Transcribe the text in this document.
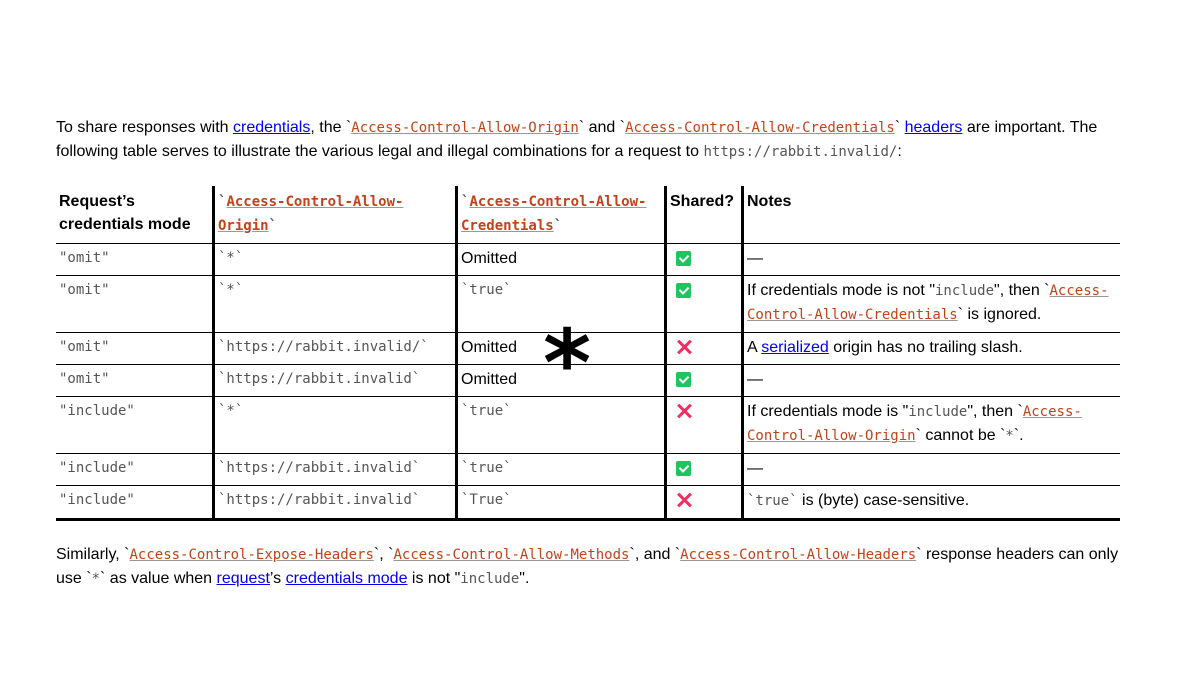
To share responses with credentials, the `Access-Control-Allow-Origin` and `Access-Control-Allow-Credentials` headers are important. The following table serves to illustrate the various legal and illegal combinations for a request to https://rabbit.invalid/:

Request’s credentials mode	`Access-Control-Allow-Origin`	`Access-Control-Allow-Credentials`	Shared?	Notes
"omit"	`*`	Omitted		—
"omit"	`*`	`true`		If credentials mode is not "include", then `Access-Control-Allow-Credentials` is ignored.
"omit"	`https://rabbit.invalid/`	Omitted		A serialized origin has no trailing slash.
"omit"	`https://rabbit.invalid`	Omitted		—
"include"	`*`	`true`		If credentials mode is "include", then `Access-Control-Allow-Origin` cannot be `*`.
"include"	`https://rabbit.invalid`	`true`		—
"include"	`https://rabbit.invalid`	`True`		`true` is (byte) case-sensitive.

Similarly, `Access-Control-Expose-Headers`, `Access-Control-Allow-Methods`, and `Access-Control-Allow-Headers` response headers can only use `*` as value when request’s credentials mode is not "include".

*
